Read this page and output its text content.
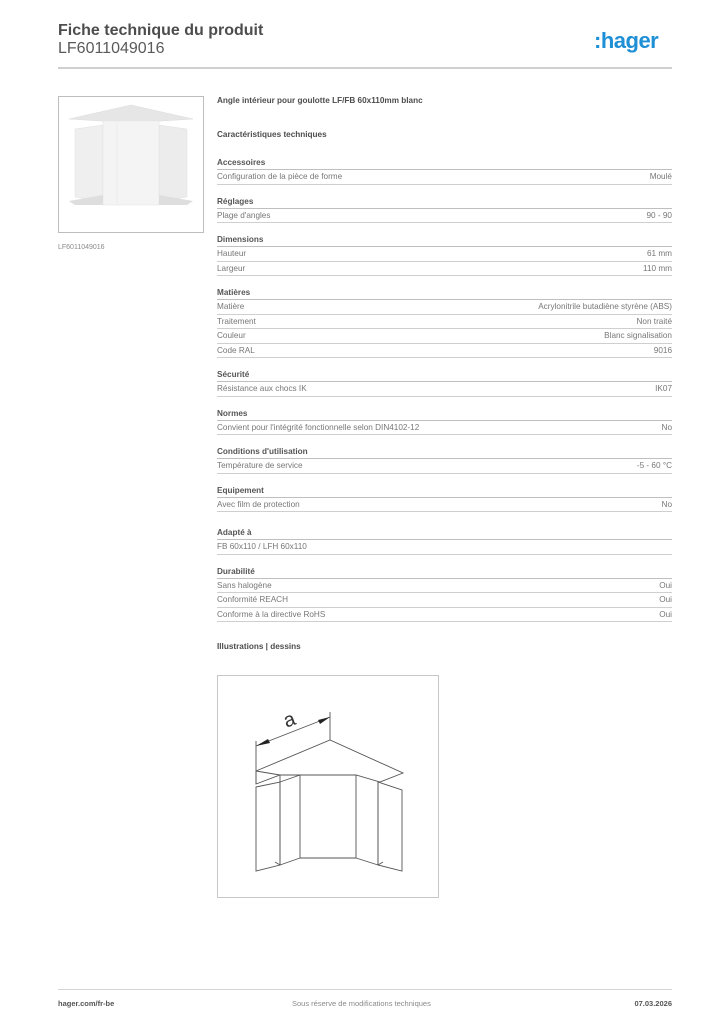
Fiche technique du produit
LF6011049016	:hager
LF6011049016
Angle intérieur pour goulotte LF/FB 60x110mm blanc
Caractéristiques techniques
Accessoires
Configuration de la pièce de forme	Moulé
Réglages
Plage d'angles	90 - 90
Dimensions
Hauteur	61 mm
Largeur	110 mm
Matières
Matière	Acrylonitrile butadiène styrène (ABS)
Traitement	Non traité
Couleur	Blanc signalisation
Code RAL	9016
Sécurité
Résistance aux chocs IK	IK07
Normes
Convient pour l'intégrité fonctionnelle selon DIN4102-12	No
Conditions d'utilisation
Température de service	-5 - 60 °C
Equipement
Avec film de protection	No
Adapté à
FB 60x110 / LFH 60x110
Durabilité
Sans halogène	Oui
Conformité REACH	Oui
Conforme à la directive RoHS	Oui
Illustrations | dessins
a
hager.com/fr-be	Sous réserve de modifications techniques	07.03.2026
